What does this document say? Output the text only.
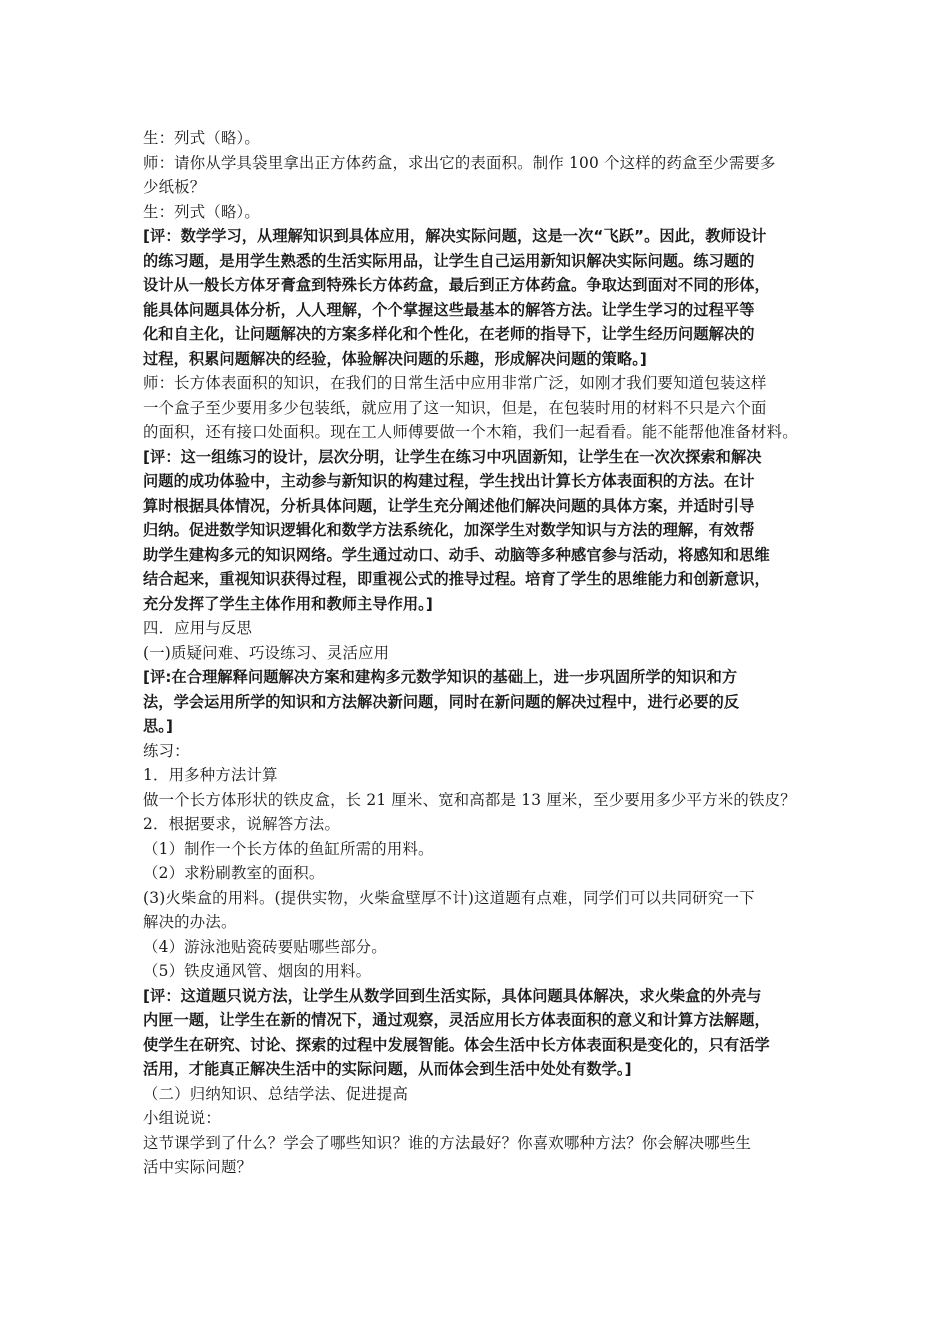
生：列式（略）。
师：请你从学具袋里拿出正方体药盒，求出它的表面积。制作 100 个这样的药盒至少需要多
少纸板？
生：列式（略）。
[评：数学学习，从理解知识到具体应用，解决实际问题，这是一次“飞跃”。因此，教师设计
的练习题，是用学生熟悉的生活实际用品，让学生自己运用新知识解决实际问题。练习题的
设计从一般长方体牙膏盒到特殊长方体药盒，最后到正方体药盒。争取达到面对不同的形体，
能具体问题具体分析，人人理解，个个掌握这些最基本的解答方法。让学生学习的过程平等
化和自主化，让问题解决的方案多样化和个性化，在老师的指导下，让学生经历问题解决的
过程，积累问题解决的经验，体验解决问题的乐趣，形成解决问题的策略。]
师：长方体表面积的知识，在我们的日常生活中应用非常广泛，如刚才我们要知道包装这样
一个盒子至少要用多少包装纸，就应用了这一知识，但是，在包装时用的材料不只是六个面
的面积，还有接口处面积。现在工人师傅要做一个木箱，我们一起看看。能不能帮他准备材料。
[评：这一组练习的设计，层次分明，让学生在练习中巩固新知，让学生在一次次探索和解决
问题的成功体验中，主动参与新知识的构建过程，学生找出计算长方体表面积的方法。在计
算时根据具体情况，分析具体问题，让学生充分阐述他们解决问题的具体方案，并适时引导
归纳。促进数学知识逻辑化和数学方法系统化，加深学生对数学知识与方法的理解，有效帮
助学生建构多元的知识网络。学生通过动口、动手、动脑等多种感官参与活动，将感知和思维
结合起来，重视知识获得过程，即重视公式的推导过程。培育了学生的思维能力和创新意识，
充分发挥了学生主体作用和教师主导作用。]
四．应用与反思
(一)质疑问难、巧设练习、灵活应用
[评:在合理解释问题解决方案和建构多元数学知识的基础上，进一步巩固所学的知识和方
法，学会运用所学的知识和方法解决新问题，同时在新问题的解决过程中，进行必要的反
思。]
练习：
1．用多种方法计算
做一个长方体形状的铁皮盒，长 21 厘米、宽和高都是 13 厘米，至少要用多少平方米的铁皮？
2．根据要求，说解答方法。
（1）制作一个长方体的鱼缸所需的用料。
（2）求粉刷教室的面积。
(3)火柴盒的用料。(提供实物，火柴盒壁厚不计)这道题有点难，同学们可以共同研究一下
解决的办法。
（4）游泳池贴瓷砖要贴哪些部分。
（5）铁皮通风管、烟囱的用料。
[评：这道题只说方法，让学生从数学回到生活实际，具体问题具体解决，求火柴盒的外壳与
内匣一题，让学生在新的情况下，通过观察，灵活应用长方体表面积的意义和计算方法解题，
使学生在研究、讨论、探索的过程中发展智能。体会生活中长方体表面积是变化的，只有活学
活用，才能真正解决生活中的实际问题，从而体会到生活中处处有数学。]
（二）归纳知识、总结学法、促进提高
小组说说：
这节课学到了什么？学会了哪些知识？谁的方法最好？你喜欢哪种方法？你会解决哪些生
活中实际问题？
